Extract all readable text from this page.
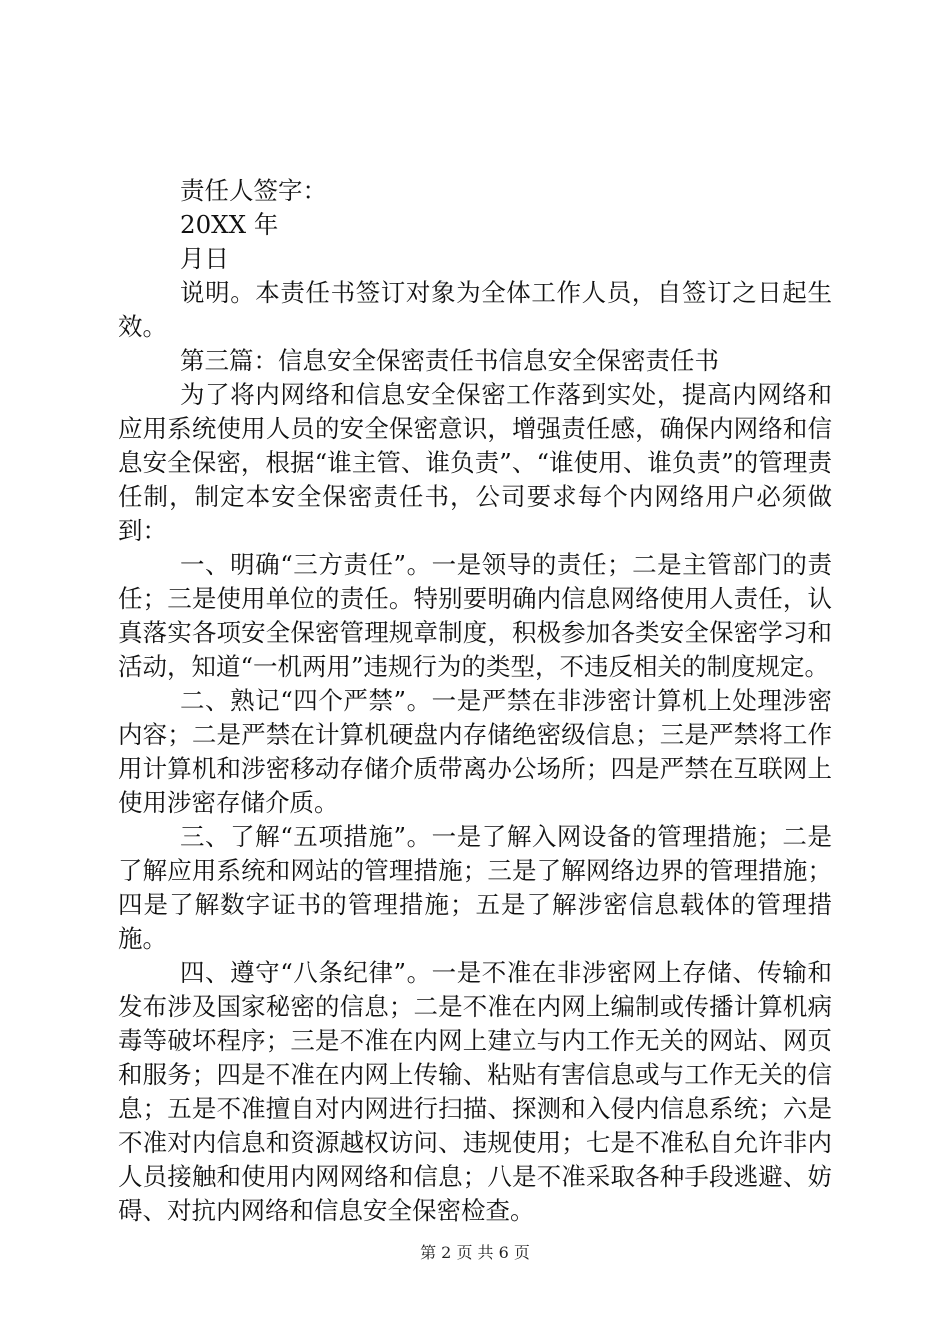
责任人签字：

20XX 年

月日

说明。本责任书签订对象为全体工作人员，自签订之日起生效。

第三篇：信息安全保密责任书信息安全保密责任书

为了将内网络和信息安全保密工作落到实处，提高内网络和应用系统使用人员的安全保密意识，增强责任感，确保内网络和信息安全保密，根据“谁主管、谁负责”、“谁使用、谁负责”的管理责任制，制定本安全保密责任书，公司要求每个内网络用户必须做到：

一、明确“三方责任”。一是领导的责任；二是主管部门的责任；三是使用单位的责任。特别要明确内信息网络使用人责任，认真落实各项安全保密管理规章制度，积极参加各类安全保密学习和活动，知道“一机两用”违规行为的类型，不违反相关的制度规定。

二、熟记“四个严禁”。一是严禁在非涉密计算机上处理涉密内容；二是严禁在计算机硬盘内存储绝密级信息；三是严禁将工作用计算机和涉密移动存储介质带离办公场所；四是严禁在互联网上使用涉密存储介质。

三、了解“五项措施”。一是了解入网设备的管理措施；二是了解应用系统和网站的管理措施；三是了解网络边界的管理措施；四是了解数字证书的管理措施；五是了解涉密信息载体的管理措施。

四、遵守“八条纪律”。一是不准在非涉密网上存储、传输和发布涉及国家秘密的信息；二是不准在内网上编制或传播计算机病毒等破坏程序；三是不准在内网上建立与内工作无关的网站、网页和服务；四是不准在内网上传输、粘贴有害信息或与工作无关的信息；五是不准擅自对内网进行扫描、探测和入侵内信息系统；六是不准对内信息和资源越权访问、违规使用；七是不准私自允许非内人员接触和使用内网网络和信息；八是不准采取各种手段逃避、妨碍、对抗内网络和信息安全保密检查。

第 2 页 共 6 页
